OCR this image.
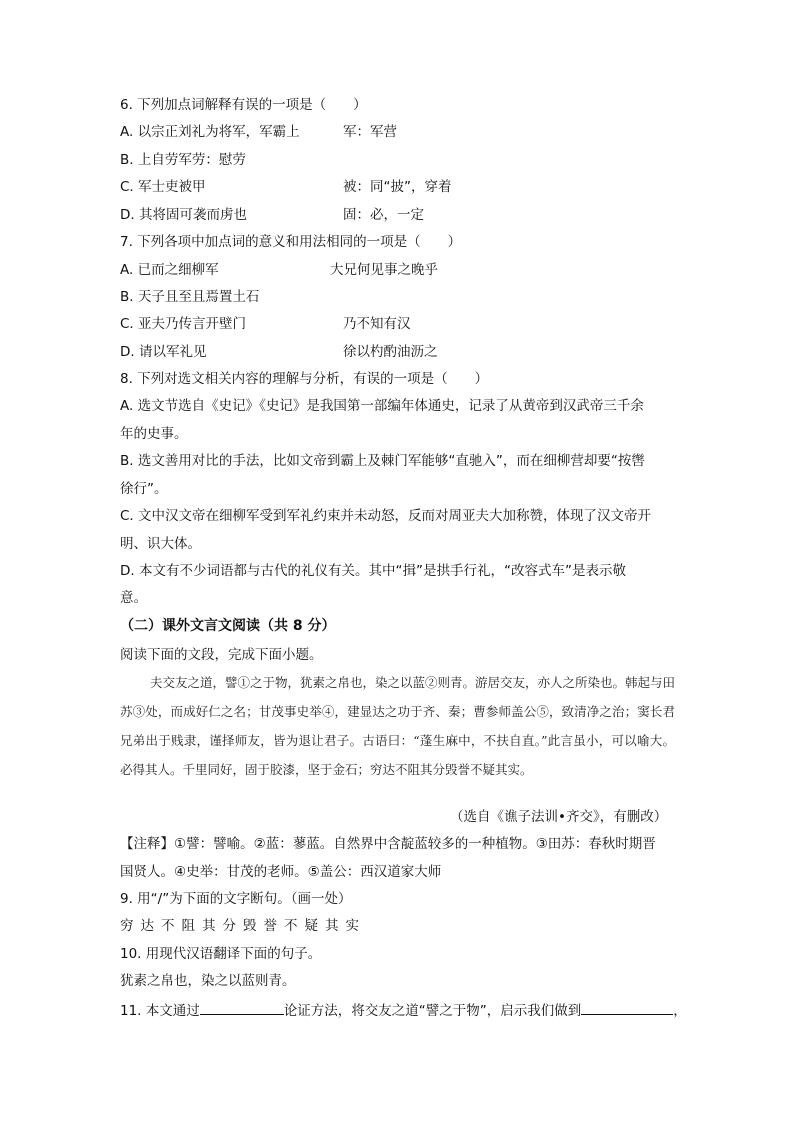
6. 下列加点词解释有误的一项是（　　）
A. 以宗正刘礼为将军，军霸上	军：军营
B. 上自劳军劳：慰劳
C. 军士吏被甲	被：同“披”，穿着
D. 其将固可袭而虏也	固：必，一定
7. 下列各项中加点词的意义和用法相同的一项是（　　）
A. 已而之细柳军	大兄何见事之晚乎
B. 天子且至且焉置土石
C. 亚夫乃传言开壁门	乃不知有汉
D. 请以军礼见	徐以杓酌油沥之
8. 下列对选文相关内容的理解与分析，有误的一项是（　　）
A. 选文节选自《史记》《史记》是我国第一部编年体通史，记录了从黄帝到汉武帝三千余
年的史事。
B. 选文善用对比的手法，比如文帝到霸上及棘门军能够“直驰入”，而在细柳营却要“按辔
徐行”。
C. 文中汉文帝在细柳军受到军礼约束并未动怒，反而对周亚夫大加称赞，体现了汉文帝开
明、识大体。
D. 本文有不少词语都与古代的礼仪有关。其中“揖”是拱手行礼，“改容式车”是表示敬
意。
（二）课外文言文阅读（共 8 分）
阅读下面的文段，完成下面小题。
夫交友之道，譬①之于物，犹素之帛也，染之以蓝②则青。游居交友，亦人之所染也。韩起与田苏③处，而成好仁之名；甘茂事史举④，建显达之功于齐、秦；曹参师盖公⑤，致清净之治；窦长君兄弟出于贱隶，谨择师友，皆为退让君子。古语曰：“蓬生麻中，不扶自直。”此言虽小，可以喻大。必得其人。千里同好，固于胶漆，坚于金石；穷达不阻其分毁誉不疑其实。
（选自《谯子法训•齐交》，有删改）
【注释】①譬：譬喻。②蓝：蓼蓝。自然界中含靛蓝较多的一种植物。③田苏：春秋时期晋
国贤人。④史举：甘茂的老师。⑤盖公：西汉道家大师
9. 用“/”为下面的文字断句。（画一处）
穷达不阻其分毁誉不疑其实
10. 用现代汉语翻译下面的句子。
犹素之帛也，染之以蓝则青。
11. 本文通过	论证方法，将交友之道“譬之于物”，启示我们做到	，
